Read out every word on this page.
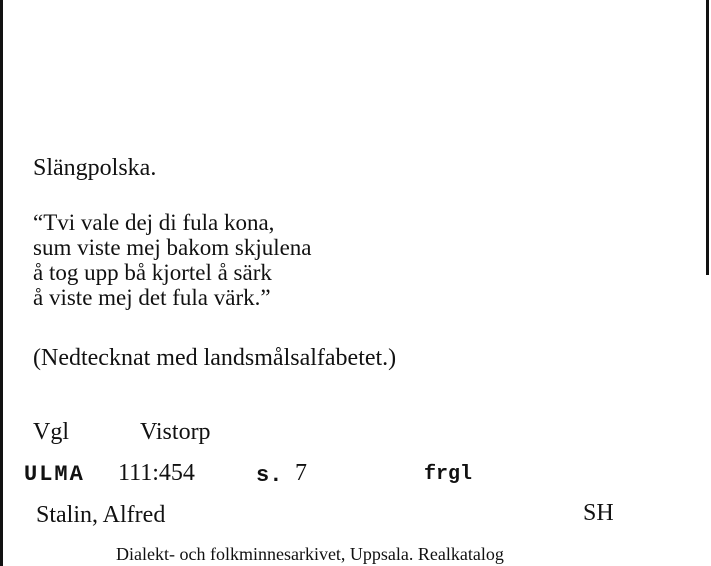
Slängpolska.
“Tvi vale dej di fula kona,
sum viste mej bakom skjulena
å tog upp bå kjortel å särk
å viste mej det fula värk.”
(Nedtecknat med landsmålsalfabetet.)
Vgl	Vistorp
ULMA 111:454	s. 7	frgl
Stalin, Alfred	SH
Dialekt- och folkminnesarkivet, Uppsala. Realkatalog
